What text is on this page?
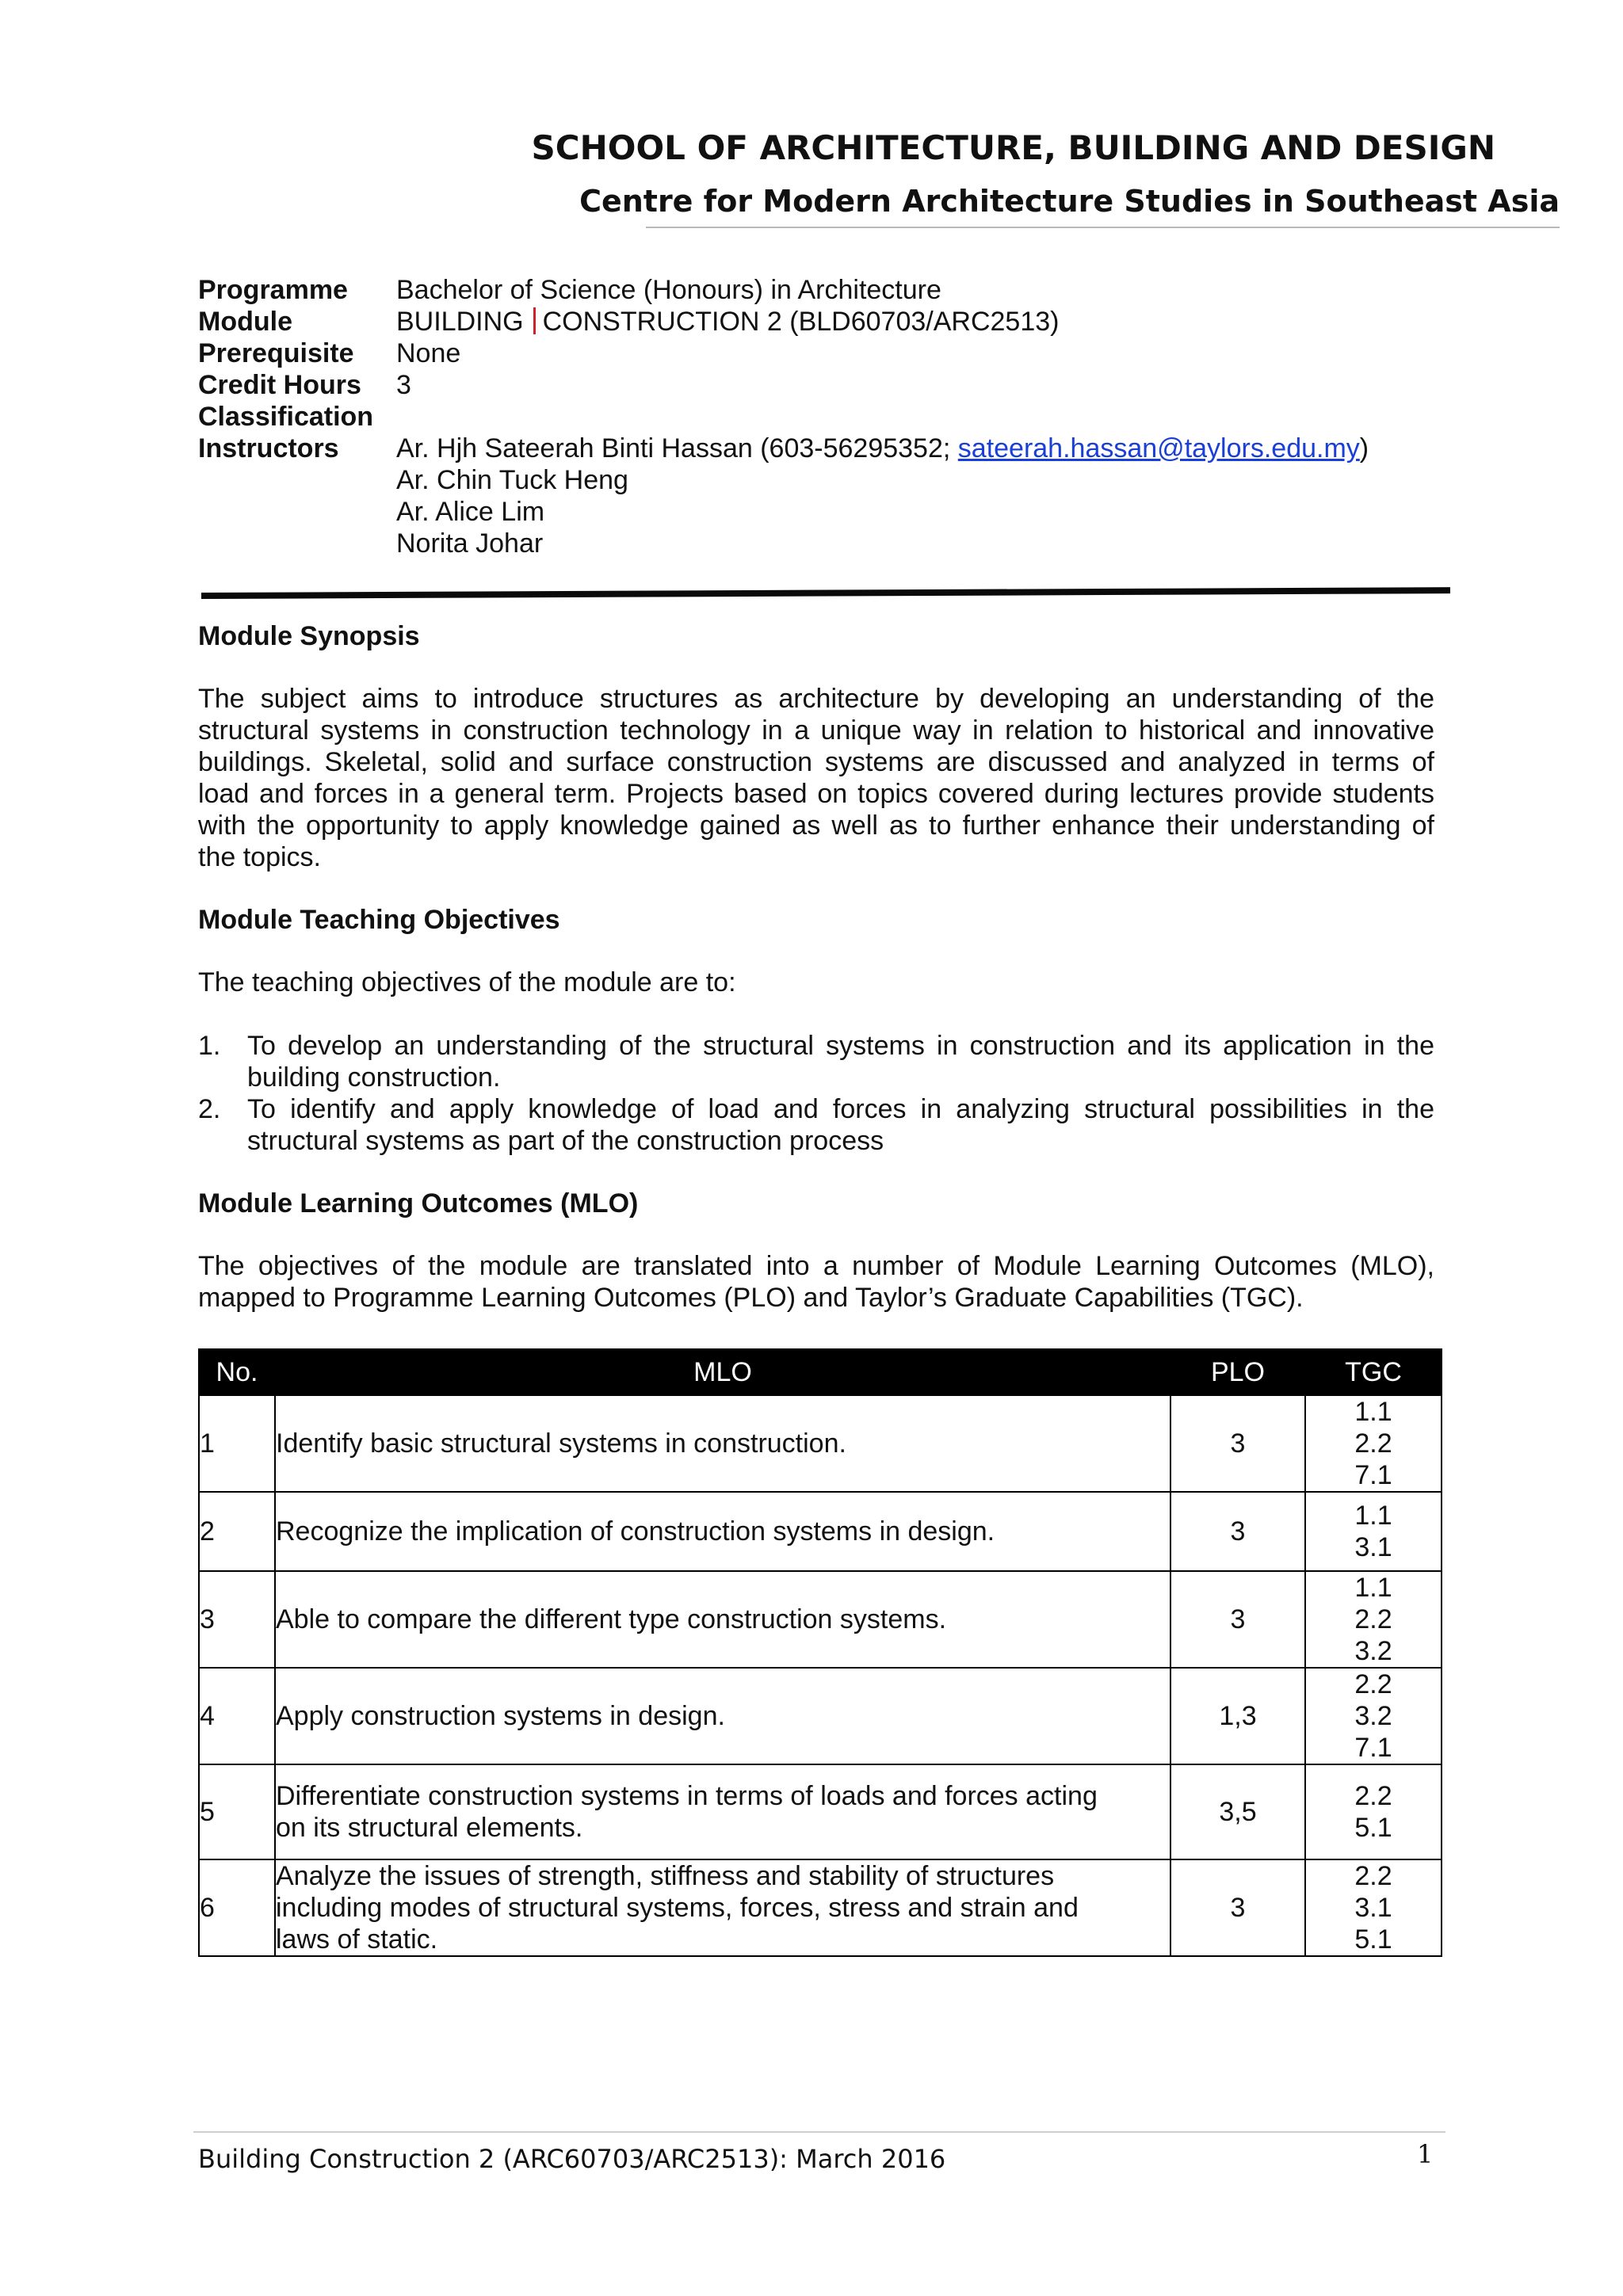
SCHOOL OF ARCHITECTURE, BUILDING AND DESIGN
Centre for Modern Architecture Studies in Southeast Asia
Programme	Bachelor of Science (Honours) in Architecture
Module	BUILDING CONSTRUCTION 2 (BLD60703/ARC2513)
Prerequisite	None
Credit Hours	3
Classification
Instructors	Ar. Hjh Sateerah Binti Hassan (603-56295352; sateerah.hassan@taylors.edu.my)
Ar. Chin Tuck Heng
Ar. Alice Lim
Norita Johar
Module Synopsis
The subject aims to introduce structures as architecture by developing an understanding of the
structural systems in construction technology in a unique way in relation to historical and innovative
buildings. Skeletal, solid and surface construction systems are discussed and analyzed in terms of
load and forces in a general term. Projects based on topics covered during lectures provide students
with the opportunity to apply knowledge gained as well as to further enhance their understanding of
the topics.
Module Teaching Objectives
The teaching objectives of the module are to:
1. To develop an understanding of the structural systems in construction and its application in the
building construction.
2. To identify and apply knowledge of load and forces in analyzing structural possibilities in the
structural systems as part of the construction process
Module Learning Outcomes (MLO)
The objectives of the module are translated into a number of Module Learning Outcomes (MLO),
mapped to Programme Learning Outcomes (PLO) and Taylor’s Graduate Capabilities (TGC).
No.	MLO	PLO	TGC
1	Identify basic structural systems in construction.	3	1.1
2.2
7.1

2	Recognize the implication of construction systems in design.	3	1.1
3.1

3	Able to compare the different type construction systems.	3	1.1
2.2
3.2

4	Apply construction systems in design.	1,3	2.2
3.2
7.1

5	Differentiate construction systems in terms of loads and forces acting
on its structural elements.	3,5	2.2
5.1

6	Analyze the issues of strength, stiffness and stability of structures
including modes of structural systems, forces, stress and strain and
laws of static.	3	2.2
3.1
5.1
Building Construction 2 (ARC60703/ARC2513): March 2016	1
